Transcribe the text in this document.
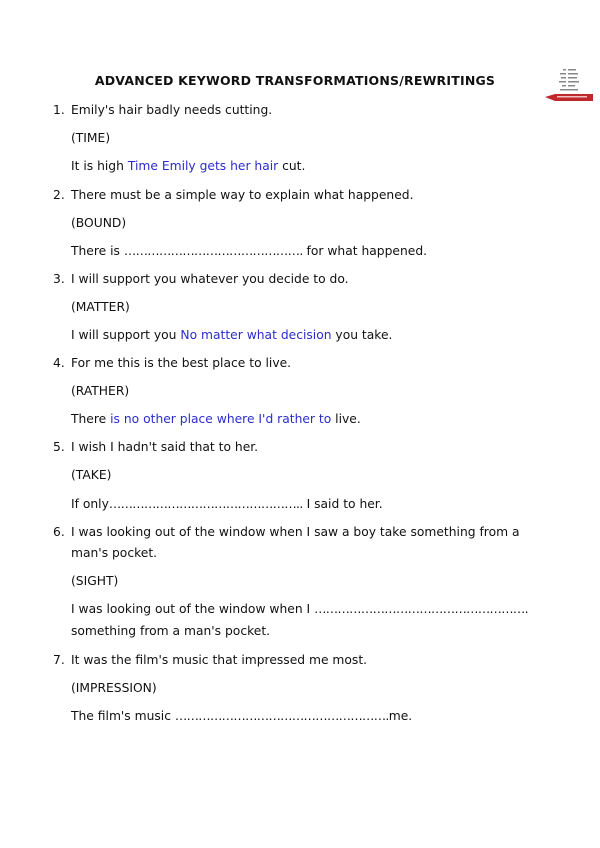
ADVANCED KEYWORD TRANSFORMATIONS/REWRITINGS
1. Emily's hair badly needs cutting.
(TIME)
It is high Time Emily gets her hair cut.
2. There must be a simple way to explain what happened.
(BOUND)
There is ………………………………………. for what happened.
3. I will support you whatever you decide to do.
(MATTER)
I will support you No matter what decision you take.
4. For me this is the best place to live.
(RATHER)
There is no other place where I'd rather to live.
5. I wish I hadn't said that to her.
(TAKE)
If only………………………………………….. I said to her.
6. I was looking out of the window when I saw a boy take something from a
man's pocket.
(SIGHT)
I was looking out of the window when I ……………………………………………….
something from a man's pocket.
7. It was the film's music that impressed me most.
(IMPRESSION)
The film's music ……………………………………………….me.
